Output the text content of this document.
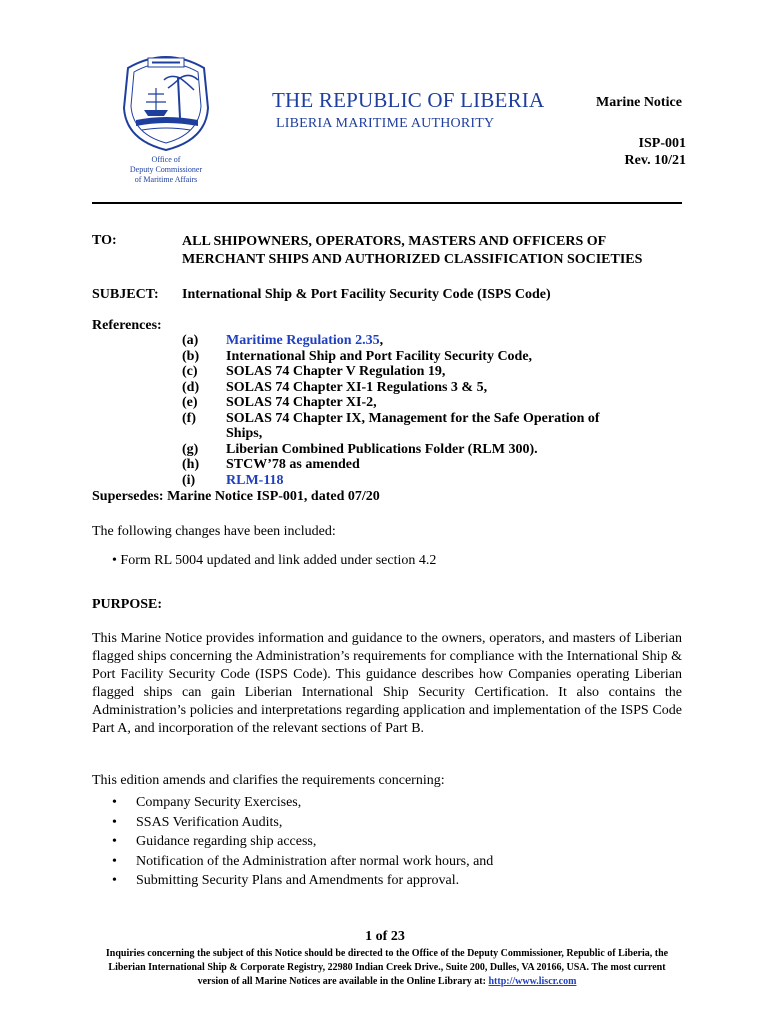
Office of
Deputy Commissioner
of Maritime Affairs
THE REPUBLIC OF LIBERIA
LIBERIA MARITIME AUTHORITY
Marine Notice
ISP-001
Rev. 10/21
TO:	ALL SHIPOWNERS, OPERATORS, MASTERS AND OFFICERS OF MERCHANT SHIPS AND AUTHORIZED CLASSIFICATION SOCIETIES
SUBJECT: International Ship & Port Facility Security Code (ISPS Code)
References:
(a)	Maritime Regulation 2.35 ,
(b)	International Ship and Port Facility Security Code,
(c)	SOLAS 74 Chapter V Regulation 19,
(d)	SOLAS 74 Chapter XI-1 Regulations 3 & 5,
(e)	SOLAS 74 Chapter XI-2,
(f)	SOLAS 74 Chapter IX, Management for the Safe Operation of
Ships,
(g)	Liberian Combined Publications Folder (RLM 300).
(h)	STCW’78 as amended
(i)	RLM-118
Supersedes: Marine Notice ISP-001, dated 07/20
The following changes have been included:
• Form RL 5004 updated and link added under section 4.2
PURPOSE:
This Marine Notice provides information and guidance to the owners, operators, and masters of Liberian flagged ships concerning the Administration’s requirements for compliance with the International Ship & Port Facility Security Code (ISPS Code). This guidance describes how Companies operating Liberian flagged ships can gain Liberian International Ship Security Certification. It also contains the Administration’s policies and interpretations regarding application and implementation of the ISPS Code Part A, and incorporation of the relevant sections of Part B.
This edition amends and clarifies the requirements concerning:
•	Company Security Exercises,
•	SSAS Verification Audits,
•	Guidance regarding ship access,
•	Notification of the Administration after normal work hours, and
•	Submitting Security Plans and Amendments for approval.
1 of 23
Inquiries concerning the subject of this Notice should be directed to the Office of the Deputy Commissioner, Republic of Liberia, the Liberian International Ship & Corporate Registry, 22980 Indian Creek Drive., Suite 200, Dulles, VA 20166, USA. The most current version of all Marine Notices are available in the Online Library at: http://www.liscr.com
